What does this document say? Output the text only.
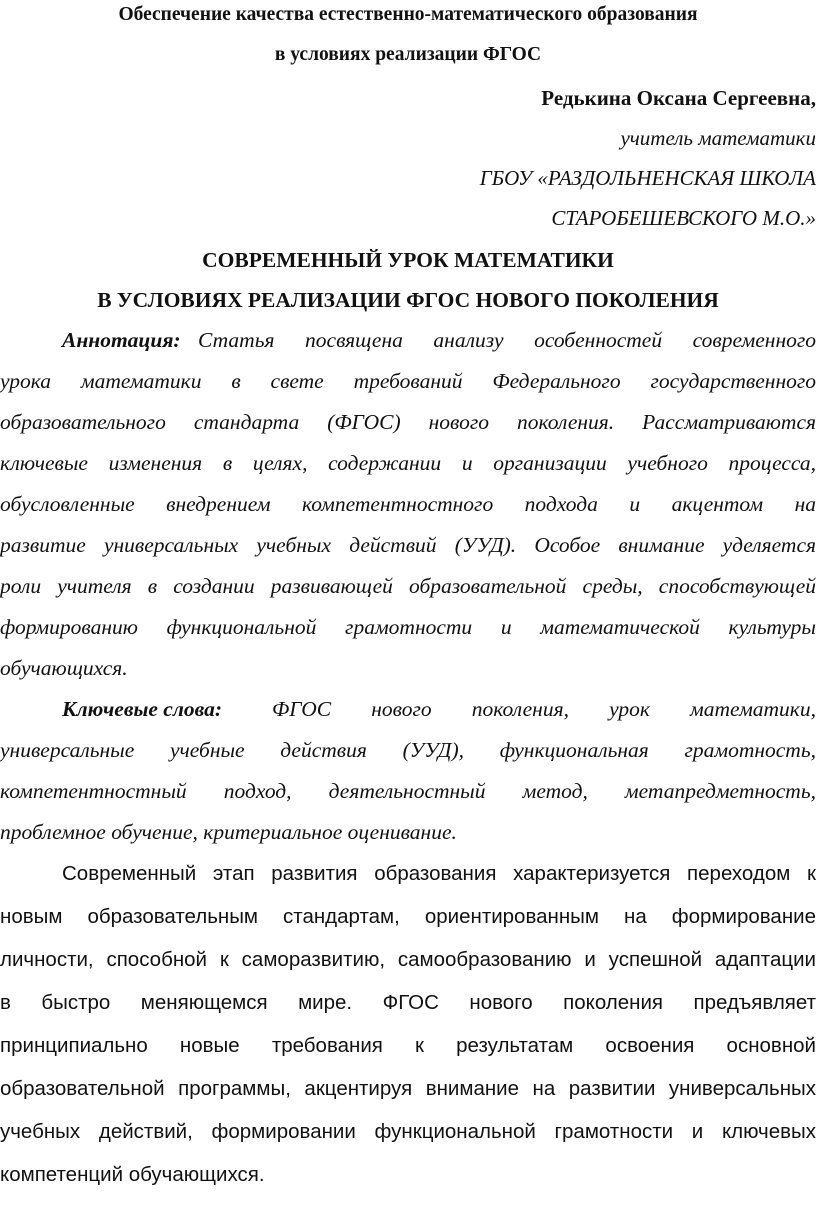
Обеспечение качества естественно-математического образования
в условиях реализации ФГОС
Редькина Оксана Сергеевна,
учитель математики
ГБОУ «РАЗДОЛЬНЕНСКАЯ ШКОЛА
СТАРОБЕШЕВСКОГО М.О.»
СОВРЕМЕННЫЙ УРОК МАТЕМАТИКИ
В УСЛОВИЯХ РЕАЛИЗАЦИИ ФГОС НОВОГО ПОКОЛЕНИЯ
Аннотация: Статья посвящена анализу особенностей современного
урока математики в свете требований Федерального государственного
образовательного стандарта (ФГОС) нового поколения. Рассматриваются
ключевые изменения в целях, содержании и организации учебного процесса,
обусловленные внедрением компетентностного подхода и акцентом на
развитие универсальных учебных действий (УУД). Особое внимание уделяется
роли учителя в создании развивающей образовательной среды, способствующей
формированию функциональной грамотности и математической культуры
обучающихся.
Ключевые слова: ФГОС нового поколения, урок математики,
универсальные учебные действия (УУД), функциональная грамотность,
компетентностный подход, деятельностный метод, метапредметность,
проблемное обучение, критериальное оценивание.
Современный этап развития образования характеризуется переходом к
новым образовательным стандартам, ориентированным на формирование
личности, способной к саморазвитию, самообразованию и успешной адаптации
в быстро меняющемся мире. ФГОС нового поколения предъявляет
принципиально новые требования к результатам освоения основной
образовательной программы, акцентируя внимание на развитии универсальных
учебных действий, формировании функциональной грамотности и ключевых
компетенций обучающихся.
